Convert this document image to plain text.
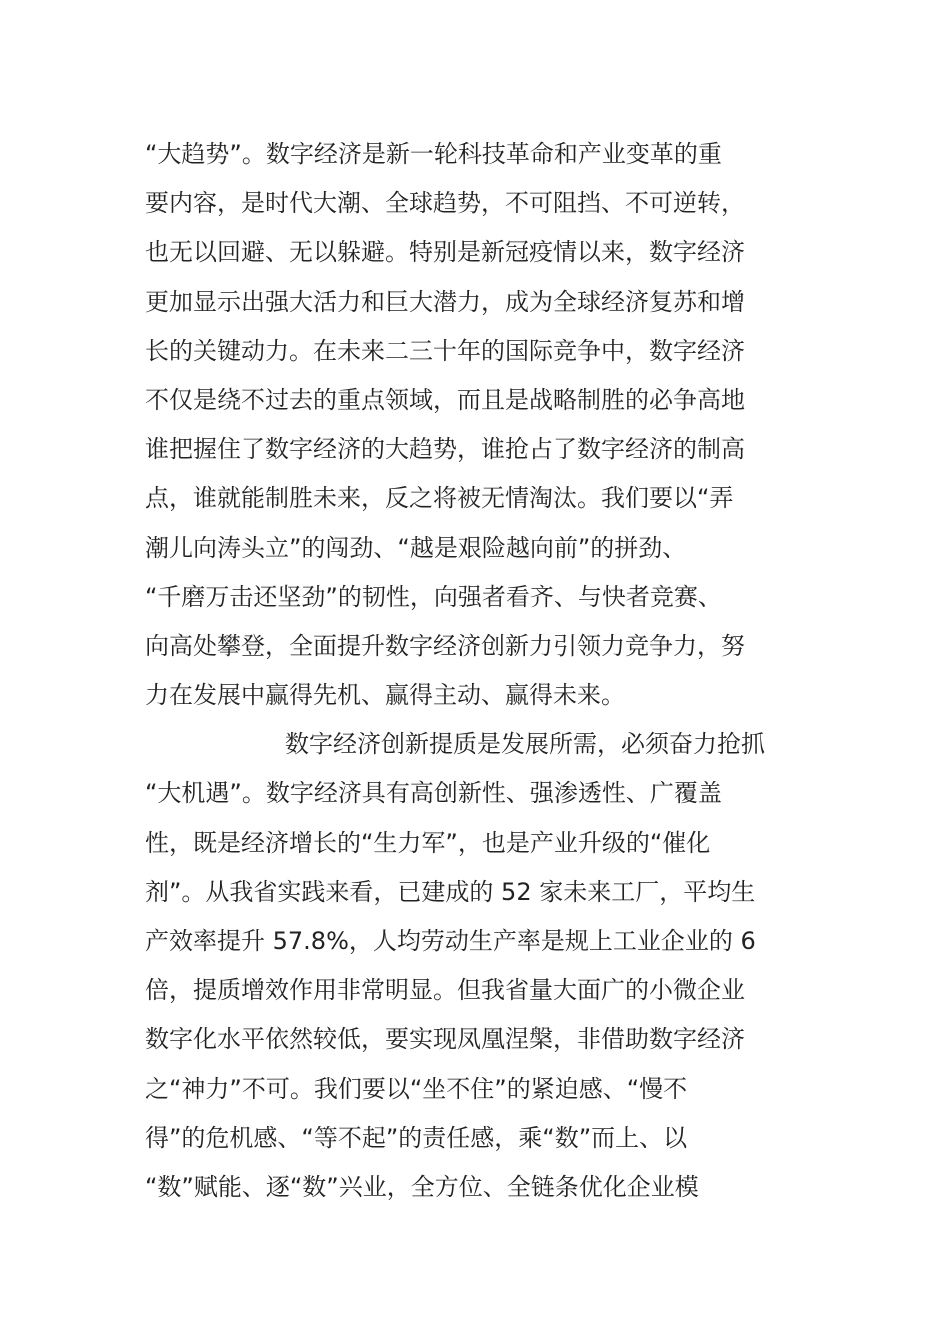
“大趋势”。数字经济是新一轮科技革命和产业变革的重
要内容，是时代大潮、全球趋势，不可阻挡、不可逆转，
也无以回避、无以躲避。特别是新冠疫情以来，数字经济
更加显示出强大活力和巨大潜力，成为全球经济复苏和增
长的关键动力。在未来二三十年的国际竞争中，数字经济
不仅是绕不过去的重点领域，而且是战略制胜的必争高地
谁把握住了数字经济的大趋势，谁抢占了数字经济的制高
点，谁就能制胜未来，反之将被无情淘汰。我们要以“弄
潮儿向涛头立”的闯劲、“越是艰险越向前”的拼劲、
“千磨万击还坚劲”的韧性，向强者看齐、与快者竞赛、
向高处攀登，全面提升数字经济创新力引领力竞争力，努
力在发展中赢得先机、赢得主动、赢得未来。
数字经济创新提质是发展所需，必须奋力抢抓
“大机遇”。数字经济具有高创新性、强渗透性、广覆盖
性，既是经济增长的“生力军”，也是产业升级的“催化
剂”。从我省实践来看，已建成的 52 家未来工厂，平均生
产效率提升 57.8%，人均劳动生产率是规上工业企业的 6
倍，提质增效作用非常明显。但我省量大面广的小微企业
数字化水平依然较低，要实现凤凰涅槃，非借助数字经济
之“神力”不可。我们要以“坐不住”的紧迫感、“慢不
得”的危机感、“等不起”的责任感，乘“数”而上、以
“数”赋能、逐“数”兴业，全方位、全链条优化企业模
